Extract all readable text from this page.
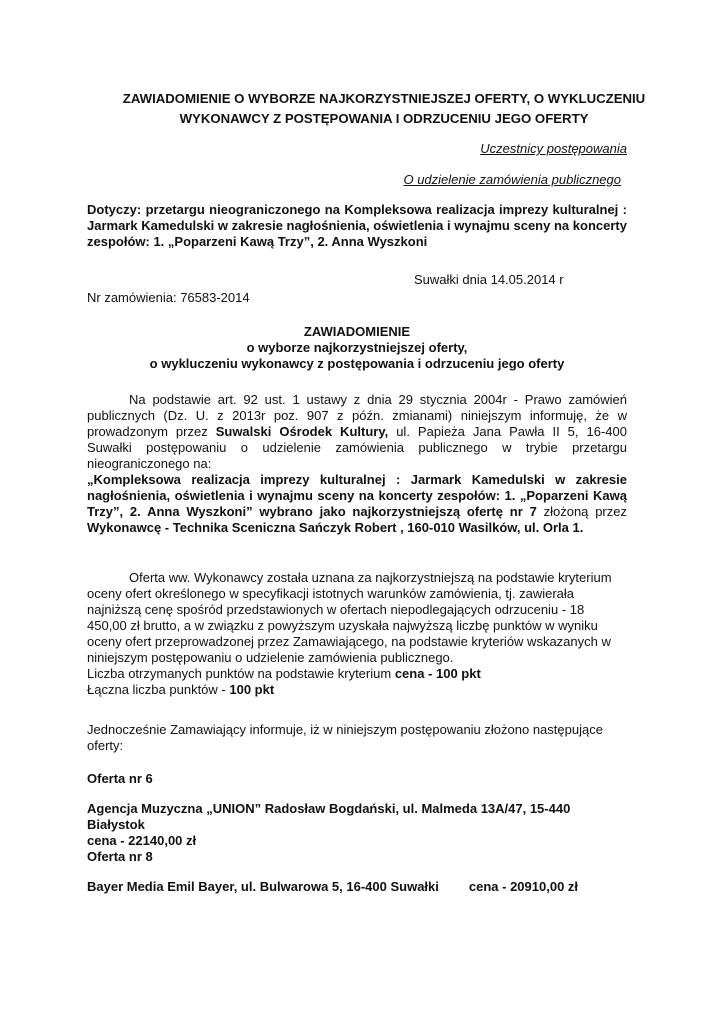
ZAWIADOMIENIE O WYBORZE NAJKORZYSTNIEJSZEJ OFERTY, O WYKLUCZENIU
WYKONAWCY Z POSTĘPOWANIA I ODRZUCENIU JEGO OFERTY
Uczestnicy postępowania
O udzielenie zamówienia publicznego
Dotyczy: przetargu nieograniczonego na Kompleksowa realizacja imprezy kulturalnej : Jarmark Kamedulski w zakresie nagłośnienia, oświetlenia i wynajmu sceny na koncerty zespołów: 1. „Poparzeni Kawą Trzy”, 2. Anna Wyszkoni
Suwałki dnia 14.05.2014 r
Nr zamówienia: 76583-2014
ZAWIADOMIENIE
o wyborze najkorzystniejszej oferty,
o wykluczeniu wykonawcy z postępowania i odrzuceniu jego oferty
Na podstawie art. 92 ust. 1 ustawy z dnia 29 stycznia 2004r - Prawo zamówień publicznych (Dz. U. z 2013r poz. 907 z późn. zmianami) niniejszym informuję, że w prowadzonym przez Suwalski Ośrodek Kultury, ul. Papieża Jana Pawła II 5, 16-400 Suwałki postępowaniu o udzielenie zamówienia publicznego w trybie przetargu nieograniczonego na:
„Kompleksowa realizacja imprezy kulturalnej : Jarmark Kamedulski w zakresie nagłośnienia, oświetlenia i wynajmu sceny na koncerty zespołów: 1. „Poparzeni Kawą Trzy”, 2. Anna Wyszkoni” wybrano jako najkorzystniejszą ofertę nr 7 złożoną przez Wykonawcę - Technika Sceniczna Sańczyk Robert , 160-010 Wasilków, ul. Orla 1.
Oferta ww. Wykonawcy została uznana za najkorzystniejszą na podstawie kryterium oceny ofert określonego w specyfikacji istotnych warunków zamówienia, tj. zawierała najniższą cenę spośród przedstawionych w ofertach niepodlegających odrzuceniu - 18 450,00 zł brutto, a w związku z powyższym uzyskała najwyższą liczbę punktów w wyniku oceny ofert przeprowadzonej przez Zamawiającego, na podstawie kryteriów wskazanych w niniejszym postępowaniu o udzielenie zamówienia publicznego.
Liczba otrzymanych punktów na podstawie kryterium cena - 100 pkt
Łączna liczba punktów - 100 pkt
Jednocześnie Zamawiający informuje, iż w niniejszym postępowaniu złożono następujące oferty:
Oferta nr 6
Agencja Muzyczna „UNION” Radosław Bogdański, ul. Malmeda 13A/47, 15-440 Białystok
cena - 22140,00 zł
Oferta nr 8
Bayer Media Emil Bayer, ul. Bulwarowa 5, 16-400 Suwałki cena - 20910,00 zł
